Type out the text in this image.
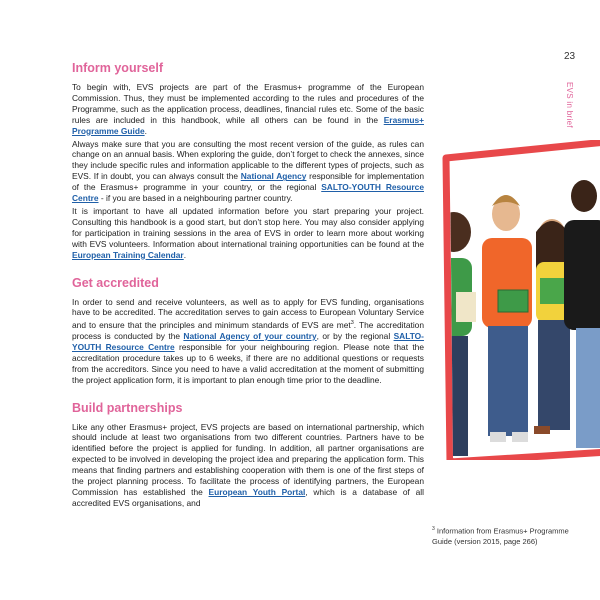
23
EVS in brief
Inform yourself

To begin with, EVS projects are part of the Erasmus+ programme of the European Commission. Thus, they must be implemented according to the rules and procedures of the Programme, such as the application process, deadlines, financial rules etc. Some of the basic rules are included in this handbook, while all others can be found in the Erasmus+ Programme Guide.

Always make sure that you are consulting the most recent version of the guide, as rules can change on an annual basis. When exploring the guide, don’t forget to check the annexes, since they include specific rules and information applicable to the different types of projects, such as EVS. If in doubt, you can always consult the National Agency responsible for implementation of the Erasmus+ programme in your country, or the regional SALTO-YOUTH Resource Centre - if you are based in a neighbouring partner country.

It is important to have all updated information before you start preparing your project. Consulting this handbook is a good start, but don’t stop here. You may also consider applying for participation in training sessions in the area of EVS in order to learn more about working with EVS volunteers. Information about international training opportunities can be found at the European Training Calendar.

Get accredited

In order to send and receive volunteers, as well as to apply for EVS funding, organisations have to be accredited. The accreditation serves to gain access to European Voluntary Service and to ensure that the principles and minimum standards of EVS are met$^3$. The accreditation process is conducted by the National Agency of your country, or by the regional SALTO-YOUTH Resource Centre responsible for your neighbouring region. Please note that the accreditation procedure takes up to 6 weeks, if there are no additional questions or requests from the accreditors. Since you need to have a valid accreditation at the moment of submitting the project application form, it is important to plan enough time prior to the deadline.

Build partnerships

Like any other Erasmus+ project, EVS projects are based on international partnership, which should include at least two organisations from two different countries. Partners have to be identified before the project is applied for funding. In addition, all partner organisations are expected to be involved in developing the project idea and preparing the application form. This means that finding partners and establishing cooperation with them is one of the first steps of the project planning process. To facilitate the process of identifying partners, the European Commission has established the European Youth Portal, which is a database of all accredited EVS organisations, and

$^3$ Information from Erasmus+ Programme Guide (version 2015, page 266)
